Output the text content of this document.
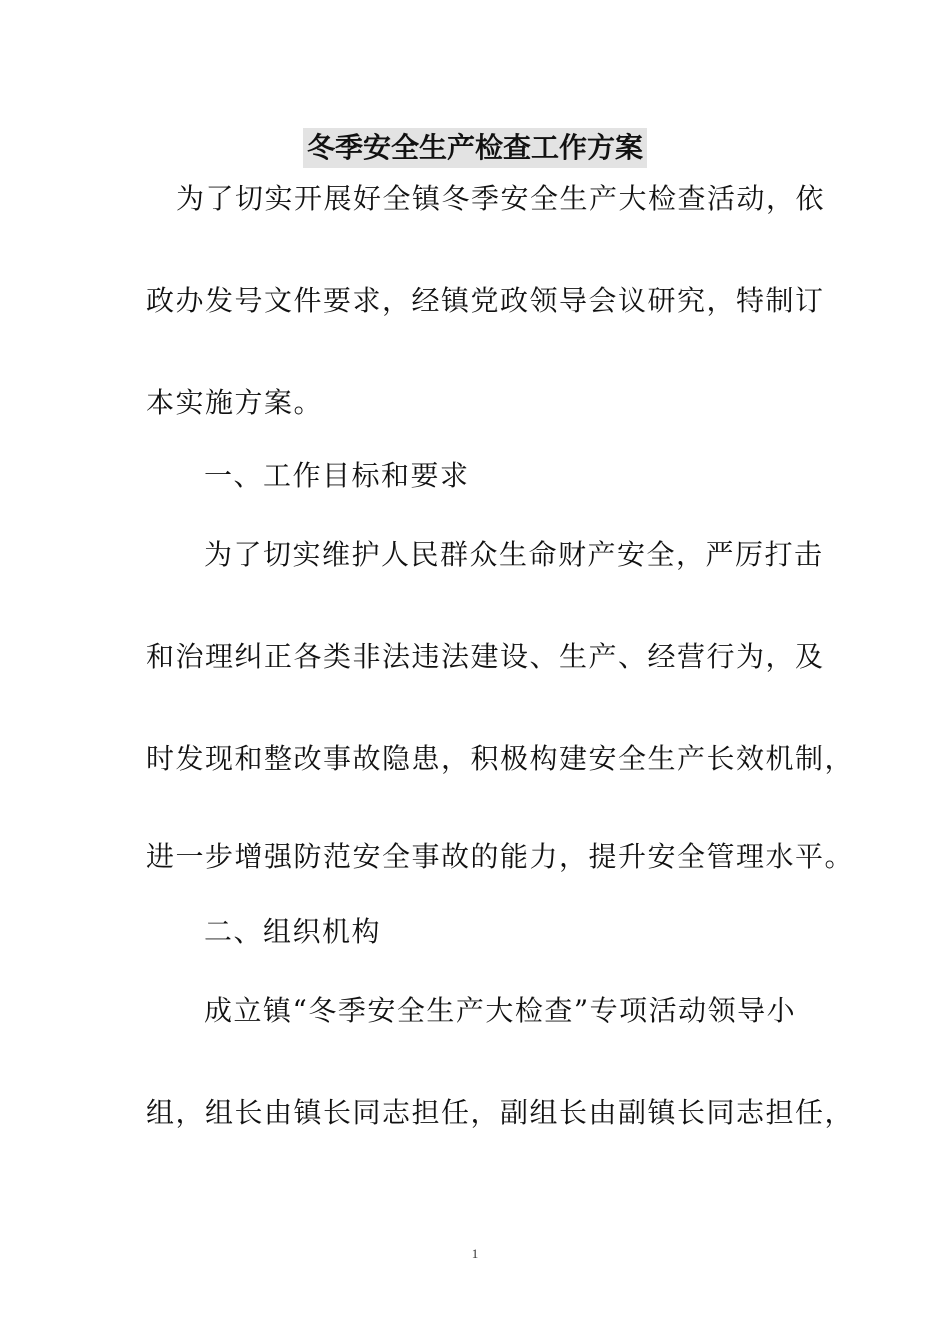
冬季安全生产检查工作方案
为了切实开展好全镇冬季安全生产大检查活动，依
政办发号文件要求，经镇党政领导会议研究，特制订
本实施方案。
一、工作目标和要求
为了切实维护人民群众生命财产安全，严厉打击
和治理纠正各类非法违法建设、生产、经营行为，及
时发现和整改事故隐患，积极构建安全生产长效机制，
进一步增强防范安全事故的能力，提升安全管理水平。
二、组织机构
成立镇“冬季安全生产大检查”专项活动领导小
组，组长由镇长同志担任，副组长由副镇长同志担任，
1
